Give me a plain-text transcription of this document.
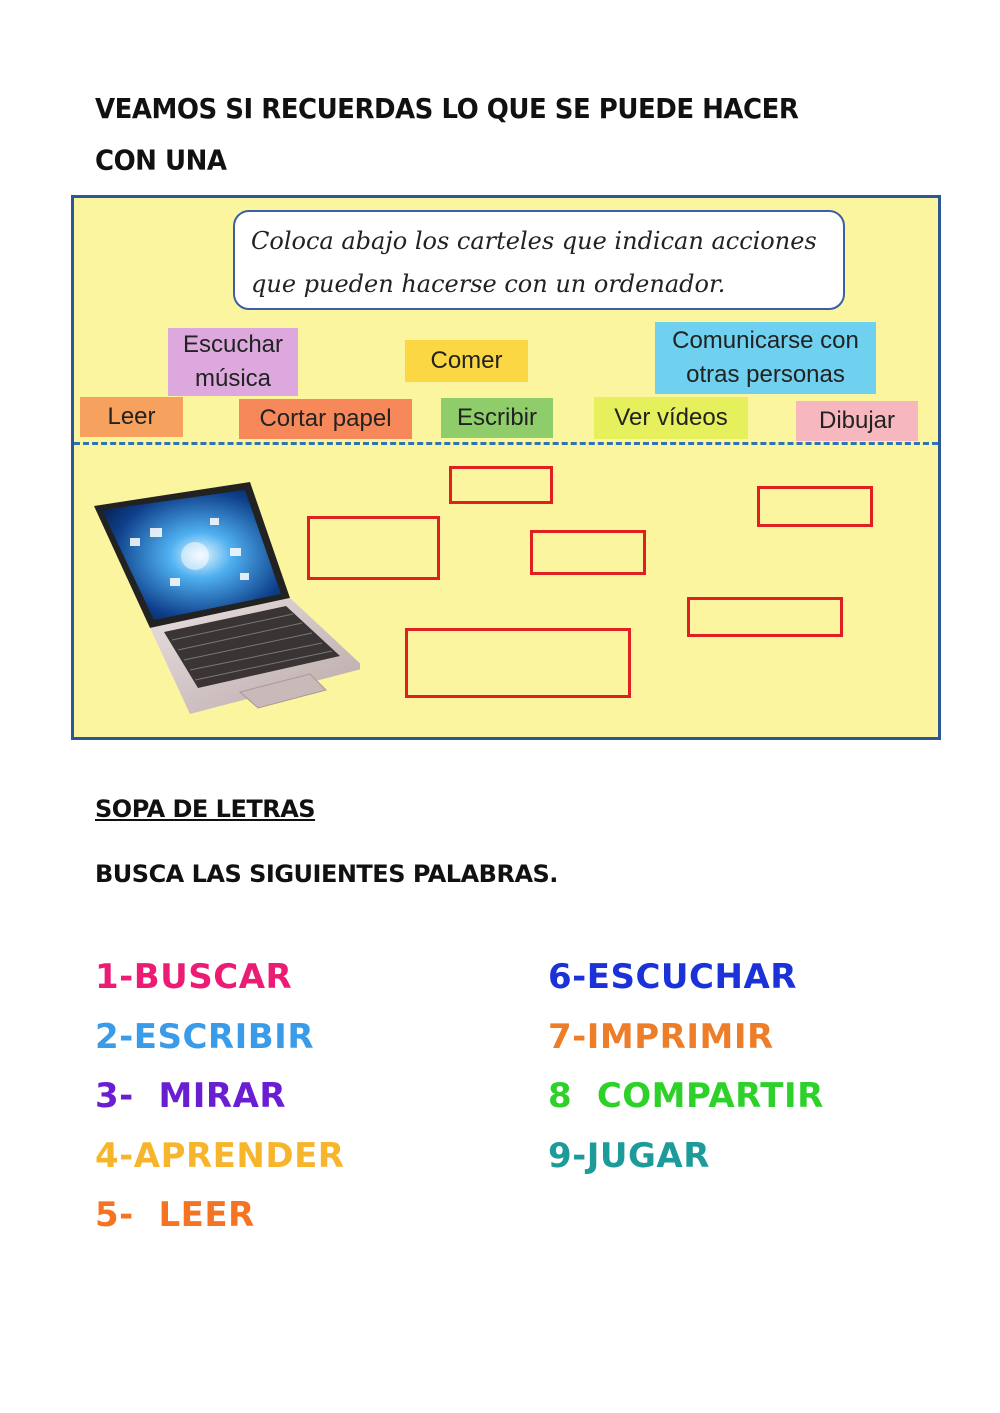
VEAMOS SI RECUERDAS LO QUE SE PUEDE HACER CON UNA
Coloca abajo los carteles que indican acciones
que pueden hacerse con un ordenador.
Escuchar
música
Comer
Comunicarse con
otras personas
Leer	Cortar papel	Escribir	Ver vídeos	Dibujar
SOPA DE LETRAS
BUSCA LAS SIGUIENTES PALABRAS.
1-BUSCAR
2-ESCRIBIR
3-  MIRAR
4-APRENDER
5-  LEER
6-ESCUCHAR
7-IMPRIMIR
8  COMPARTIR
9-JUGAR
